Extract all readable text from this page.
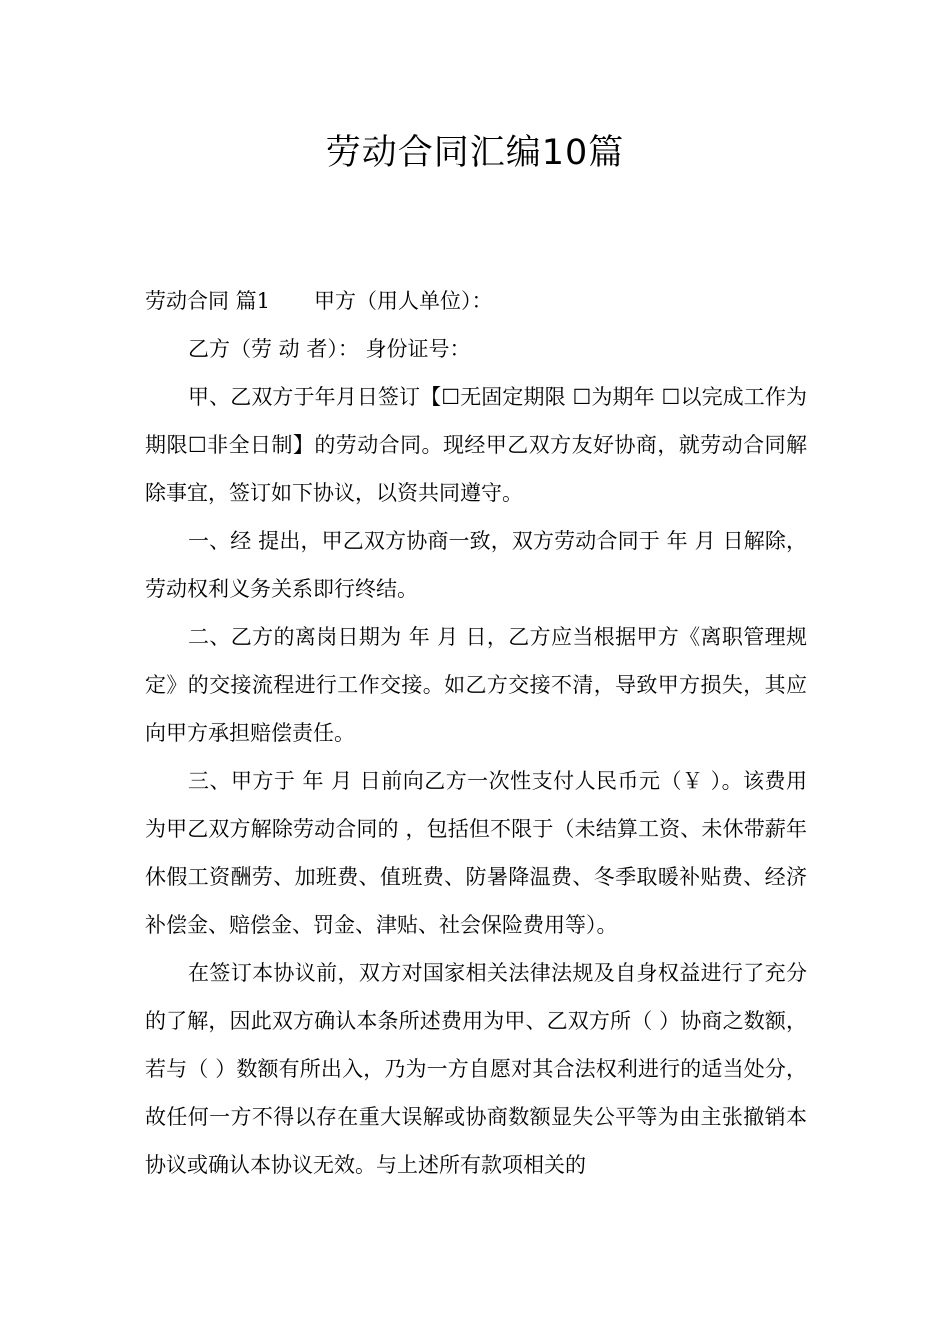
劳动合同汇编10篇

劳动合同 篇1 甲方（用人单位）：

乙方（劳 动 者）： 身份证号：

甲、乙双方于年月日签订【☐无固定期限 ☐为期年 ☐以完成工作为期限☐非全日制】的劳动合同。现经甲乙双方友好协商，就劳动合同解除事宜，签订如下协议，以资共同遵守。

一、经 提出，甲乙双方协商一致，双方劳动合同于 年 月 日解除，劳动权利义务关系即行终结。

二、乙方的离岗日期为 年 月 日，乙方应当根据甲方《离职管理规定》的交接流程进行工作交接。如乙方交接不清，导致甲方损失，其应向甲方承担赔偿责任。

三、甲方于 年 月 日前向乙方一次性支付人民币元（￥ ）。该费用为甲乙双方解除劳动合同的 ，包括但不限于（未结算工资、未休带薪年休假工资酬劳、加班费、值班费、防暑降温费、冬季取暖补贴费、经济补偿金、赔偿金、罚金、津贴、社会保险费用等）。

在签订本协议前，双方对国家相关法律法规及自身权益进行了充分的了解，因此双方确认本条所述费用为甲、乙双方所（ ）协商之数额，若与（ ）数额有所出入，乃为一方自愿对其合法权利进行的适当处分，故任何一方不得以存在重大误解或协商数额显失公平等为由主张撤销本协议或确认本协议无效。与上述所有款项相关的
